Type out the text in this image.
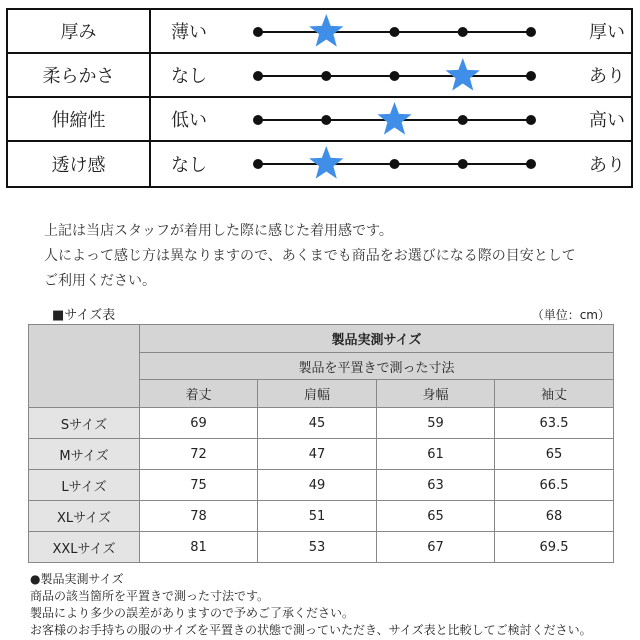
厚み	薄い	厚い
柔らかさ	なし	あり
伸縮性	低い	高い
透け感	なし	あり
上記は当店スタッフが着用した際に感じた着用感です。
人によって感じ方は異なりますので、あくまでも商品をお選びになる際の目安として
ご利用ください。
■サイズ表	（単位：cm）
	製品実測サイズ			
	製品を平置きで測った寸法			
	着丈	肩幅	身幅	袖丈
Sサイズ	69	45	59	63.5
Mサイズ	72	47	61	65
Lサイズ	75	49	63	66.5
XLサイズ	78	51	65	68
XXLサイズ	81	53	67	69.5
●製品実測サイズ
商品の該当箇所を平置きで測った寸法です。
製品により多少の誤差がありますので予めご了承ください。
お客様のお手持ちの服のサイズを平置きの状態で測っていただき、サイズ表と比較してご検討ください。
